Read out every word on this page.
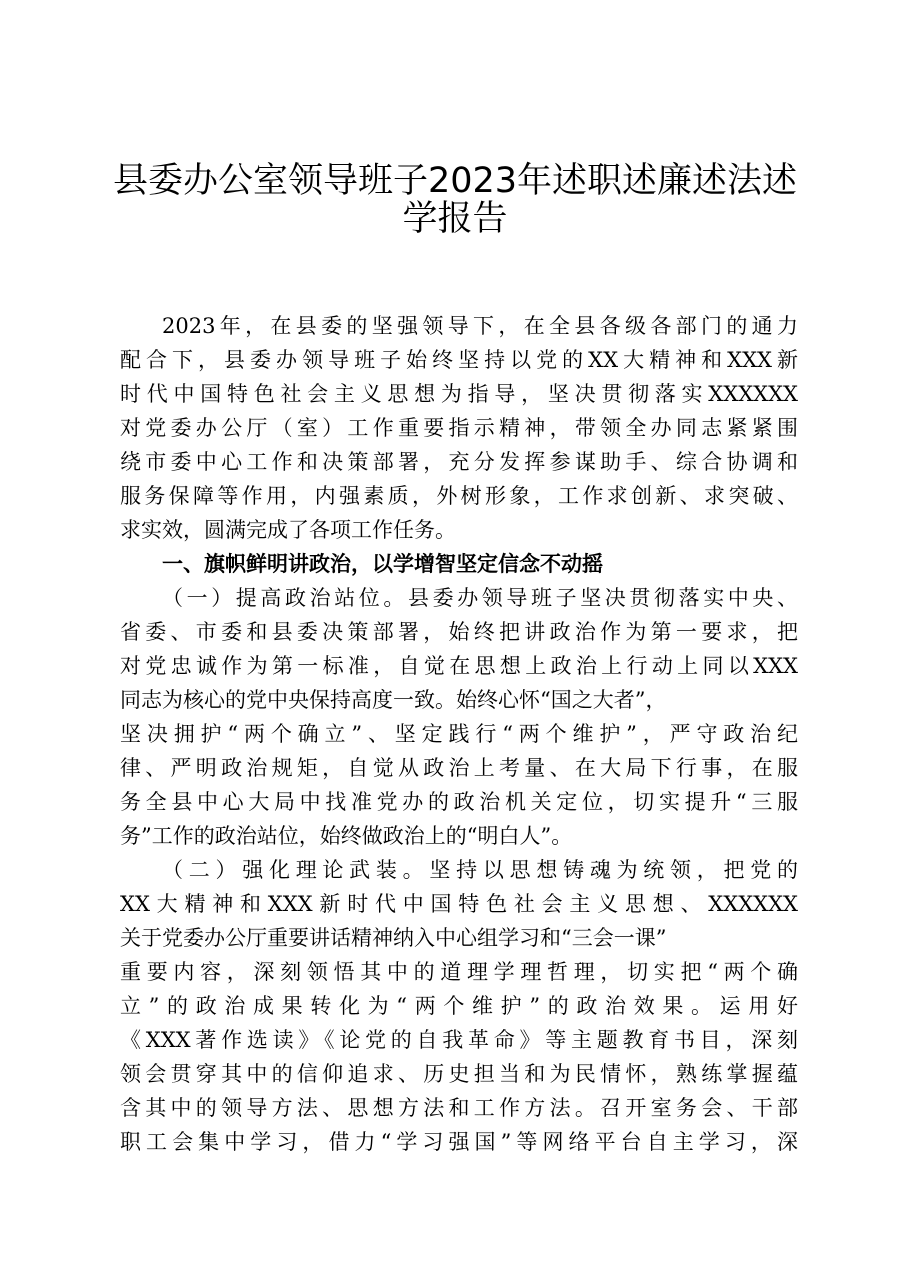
县委办公室领导班子2023年述职述廉述法述
学报告
2023年，在县委的坚强领导下，在全县各级各部门的通力
配合下，县委办领导班子始终坚持以党的XX大精神和XXX新
时代中国特色社会主义思想为指导，坚决贯彻落实XXXXXX
对党委办公厅（室）工作重要指示精神，带领全办同志紧紧围
绕市委中心工作和决策部署，充分发挥参谋助手、综合协调和
服务保障等作用，内强素质，外树形象，工作求创新、求突破、
求实效，圆满完成了各项工作任务。
一、旗帜鲜明讲政治，以学增智坚定信念不动摇
（一）提高政治站位。县委办领导班子坚决贯彻落实中央、
省委、市委和县委决策部署，始终把讲政治作为第一要求，把
对党忠诚作为第一标准，自觉在思想上政治上行动上同以XXX
同志为核心的党中央保持高度一致。始终心怀“国之大者”，
坚决拥护“两个确立”、坚定践行“两个维护”，严守政治纪
律、严明政治规矩，自觉从政治上考量、在大局下行事，在服
务全县中心大局中找准党办的政治机关定位，切实提升“三服
务”工作的政治站位，始终做政治上的“明白人”。
（二）强化理论武装。坚持以思想铸魂为统领，把党的
XX大精神和XXX新时代中国特色社会主义思想、XXXXXX
关于党委办公厅重要讲话精神纳入中心组学习和“三会一课”
重要内容，深刻领悟其中的道理学理哲理，切实把“两个确
立”的政治成果转化为“两个维护”的政治效果。运用好
《XXX著作选读》《论党的自我革命》等主题教育书目，深刻
领会贯穿其中的信仰追求、历史担当和为民情怀，熟练掌握蕴
含其中的领导方法、思想方法和工作方法。召开室务会、干部
职工会集中学习，借力“学习强国”等网络平台自主学习，深
